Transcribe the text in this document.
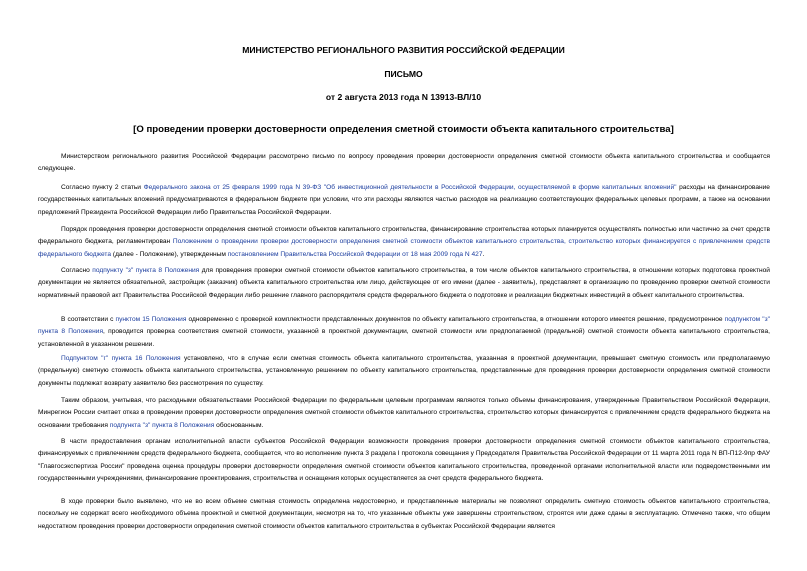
МИНИСТЕРСТВО РЕГИОНАЛЬНОГО РАЗВИТИЯ РОССИЙСКОЙ ФЕДЕРАЦИИ
ПИСЬМО
от 2 августа 2013 года N 13913-ВЛ/10
[О проведении проверки достоверности определения сметной стоимости объекта капитального строительства]

Министерством регионального развития Российской Федерации рассмотрено письмо по вопросу проведения проверки достоверности определения сметной стоимости объекта капитального строительства и сообщается следующее.

Согласно пункту 2 статьи Федерального закона от 25 февраля 1999 года N 39-ФЗ "Об инвестиционной деятельности в Российской Федерации, осуществляемой в форме капитальных вложений" расходы на финансирование государственных капитальных вложений предусматриваются в федеральном бюджете при условии, что эти расходы являются частью расходов на реализацию соответствующих федеральных целевых программ, а также на основании предложений Президента Российской Федерации либо Правительства Российской Федерации.

Порядок проведения проверки достоверности определения сметной стоимости объектов капитального строительства, финансирование строительства которых планируется осуществлять полностью или частично за счет средств федерального бюджета, регламентирован Положением о проведении проверки достоверности определения сметной стоимости объектов капитального строительства, строительство которых финансируется с привлечением средств федерального бюджета (далее - Положение), утвержденным постановлением Правительства Российской Федерации от 18 мая 2009 года N 427.

Согласно подпункту "з" пункта 8 Положения для проведения проверки сметной стоимости объектов капитального строительства, в том числе объектов капитального строительства, в отношении которых подготовка проектной документации не является обязательной, застройщик (заказчик) объекта капитального строительства или лицо, действующее от его имени (далее - заявитель), представляет в организацию по проведению проверки сметной стоимости нормативный правовой акт Правительства Российской Федерации либо решение главного распорядителя средств федерального бюджета о подготовке и реализации бюджетных инвестиций в объект капитального строительства.

В соответствии с пунктом 15 Положения одновременно с проверкой комплектности представленных документов по объекту капитального строительства, в отношении которого имеется решение, предусмотренное подпунктом "з" пункта 8 Положения, проводится проверка соответствия сметной стоимости, указанной в проектной документации, сметной стоимости или предполагаемой (предельной) сметной стоимости объекта капитального строительства, установленной в указанном решении.

Подпунктом "г" пункта 16 Положения установлено, что в случае если сметная стоимость объекта капитального строительства, указанная в проектной документации, превышает сметную стоимость или предполагаемую (предельную) сметную стоимость объекта капитального строительства, установленную решением по объекту капитального строительства, представленные для проведения проверки достоверности определения сметной стоимости документы подлежат возврату заявителю без рассмотрения по существу.

Таким образом, учитывая, что расходными обязательствами Российской Федерации по федеральным целевым программам являются только объемы финансирования, утвержденные Правительством Российской Федерации, Минрегион России считает отказ в проведении проверки достоверности определения сметной стоимости объектов капитального строительства, строительство которых финансируется с привлечением средств федерального бюджета на основании требования подпункта "з" пункта 8 Положения обоснованным.

В части предоставления органам исполнительной власти субъектов Российской Федерации возможности проведения проверки достоверности определения сметной стоимости объектов капитального строительства, финансируемых с привлечением средств федерального бюджета, сообщается, что во исполнение пункта 3 раздела I протокола совещания у Председателя Правительства Российской Федерации от 11 марта 2011 года N ВП-П12-9пр ФАУ "Главгосэкспертиза России" проведена оценка процедуры проверки достоверности определения сметной стоимости объектов капитального строительства, проведенной органами исполнительной власти или подведомственными им государственными учреждениями, финансирование проектирования, строительства и оснащения которых осуществляется за счет средств федерального бюджета.

В ходе проверки было выявлено, что не во всем объеме сметная стоимость определена недостоверно, и представленные материалы не позволяют определить сметную стоимость объектов капитального строительства, поскольку не содержат всего необходимого объема проектной и сметной документации, несмотря на то, что указанные объекты уже завершены строительством, строятся или даже сданы в эксплуатацию. Отмечено также, что общим недостатком проведения проверки достоверности определения сметной стоимости объектов капитального строительства в субъектах Российской Федерации является
